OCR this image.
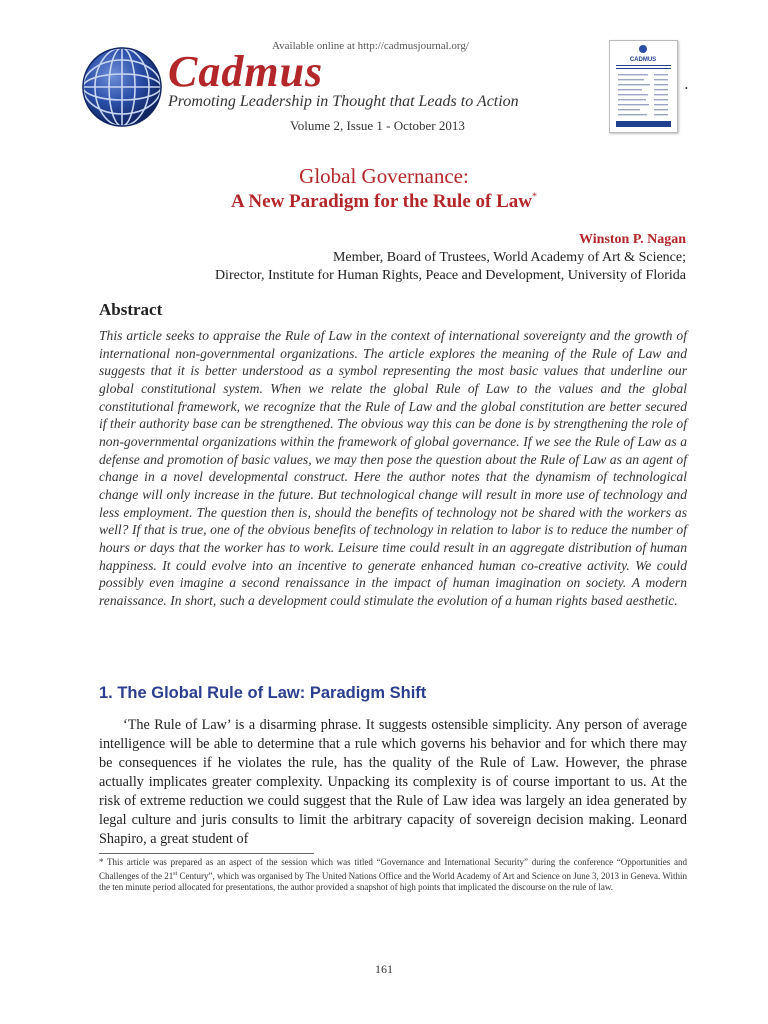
Available online at http://cadmusjournal.org/
Cadmus
Promoting Leadership in Thought that Leads to Action
Volume 2, Issue 1 - October 2013
CADMUS
•
Global Governance:
A New Paradigm for the Rule of Law*
Winston P. Nagan
Member, Board of Trustees, World Academy of Art & Science;
Director, Institute for Human Rights, Peace and Development, University of Florida
Abstract

This article seeks to appraise the Rule of Law in the context of international sovereignty and the growth of international non-governmental organizations. The article explores the meaning of the Rule of Law and suggests that it is better understood as a symbol representing the most basic values that underline our global constitutional system. When we relate the global Rule of Law to the values and the global constitutional framework, we recognize that the Rule of Law and the global constitution are better secured if their authority base can be strengthened. The obvious way this can be done is by strengthening the role of non-governmental organizations within the framework of global governance. If we see the Rule of Law as a defense and promotion of basic values, we may then pose the question about the Rule of Law as an agent of change in a novel developmental construct. Here the author notes that the dynamism of technological change will only increase in the future. But technological change will result in more use of technology and less employment. The question then is, should the benefits of technology not be shared with the workers as well? If that is true, one of the obvious benefits of technology in relation to labor is to reduce the number of hours or days that the worker has to work. Leisure time could result in an aggregate distribution of human happiness. It could evolve into an incentive to generate enhanced human co-creative activity. We could possibly even imagine a second renaissance in the impact of human imagination on society. A modern renaissance. In short, such a development could stimulate the evolution of a human rights based aesthetic.

1. The Global Rule of Law: Paradigm Shift

‘The Rule of Law’ is a disarming phrase. It suggests ostensible simplicity. Any person of average intelligence will be able to determine that a rule which governs his behavior and for which there may be consequences if he violates the rule, has the quality of the Rule of Law. However, the phrase actually implicates greater complexity. Unpacking its complexity is of course important to us. At the risk of extreme reduction we could suggest that the Rule of Law idea was largely an idea generated by legal culture and juris consults to limit the arbitrary capacity of sovereign decision making. Leonard Shapiro, a great student of

* This article was prepared as an aspect of the session which was titled “Governance and International Security” during the conference “Opportunities and Challenges of the 21st Century”, which was organised by The United Nations Office and the World Academy of Art and Science on June 3, 2013 in Geneva. Within the ten minute period allocated for presentations, the author provided a snapshot of high points that implicated the discourse on the rule of law.

161
